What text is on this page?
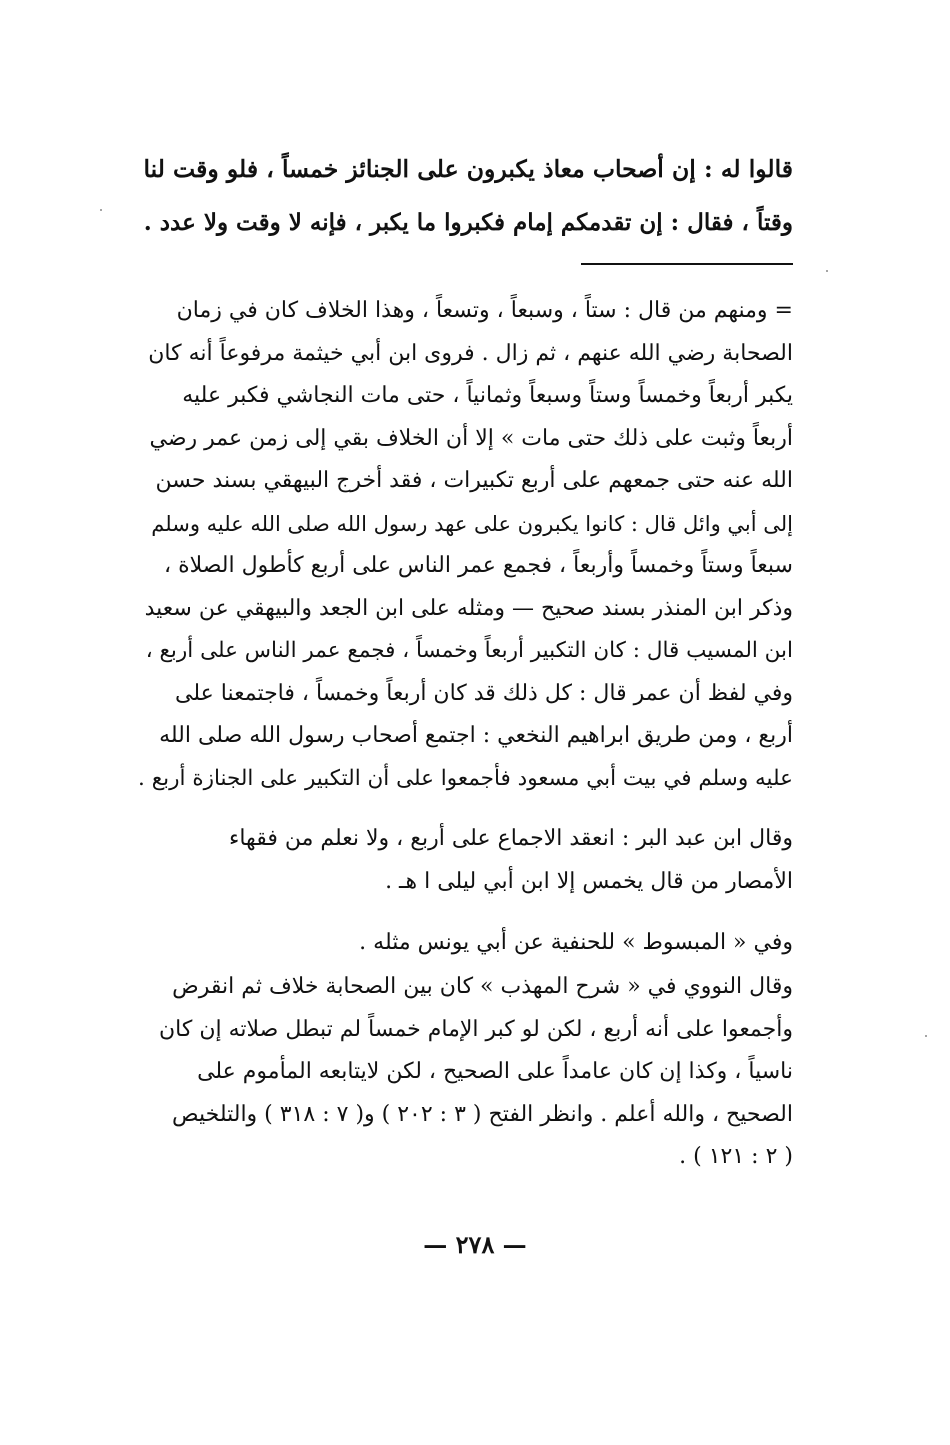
قالوا له : إن أصحاب معاذ يكبرون على الجنائز خمساً ، فلو وقت لنا
وقتاً ، فقال : إن تقدمكم إمام فكبروا ما يكبر ، فإنه لا وقت ولا عدد .
= ومنهم من قال : ستاً ، وسبعاً ، وتسعاً ، وهذا الخلاف كان في زمان
الصحابة رضي الله عنهم ، ثم زال . فروى ابن أبي خيثمة مرفوعاً أنه كان
يكبر أربعاً وخمساً وستاً وسبعاً وثمانياً ، حتى مات النجاشي فكبر عليه
أربعاً وثبت على ذلك حتى مات » إلا أن الخلاف بقي إلى زمن عمر رضي
الله عنه حتى جمعهم على أربع تكبيرات ، فقد أخرج البيهقي بسند حسن
إلى أبي وائل قال : كانوا يكبرون على عهد رسول الله صلى الله عليه وسلم
سبعاً وستاً وخمساً وأربعاً ، فجمع عمر الناس على أربع كأطول الصلاة ،
وذكر ابن المنذر بسند صحيح — ومثله على ابن الجعد والبيهقي عن سعيد
ابن المسيب قال : كان التكبير أربعاً وخمساً ، فجمع عمر الناس على أربع ،
وفي لفظ أن عمر قال : كل ذلك قد كان أربعاً وخمساً ، فاجتمعنا على
أربع ، ومن طريق ابراهيم النخعي : اجتمع أصحاب رسول الله صلى الله
عليه وسلم في بيت أبي مسعود فأجمعوا على أن التكبير على الجنازة أربع .
وقال ابن عبد البر : انعقد الاجماع على أربع ، ولا نعلم من فقهاء
الأمصار من قال يخمس إلا ابن أبي ليلى ا هـ .
وفي « المبسوط » للحنفية عن أبي يونس مثله .
وقال النووي في « شرح المهذب » كان بين الصحابة خلاف ثم انقرض
وأجمعوا على أنه أربع ، لكن لو كبر الإمام خمساً لم تبطل صلاته إن كان
ناسياً ، وكذا إن كان عامداً على الصحيح ، لكن لايتابعه المأموم على
الصحيح ، والله أعلم . وانظر الفتح ( ٣ : ٢٠٢ ) و( ٧ : ٣١٨ ) والتلخيص
( ٢ : ١٢١ ) .
— ٢٧٨ —
